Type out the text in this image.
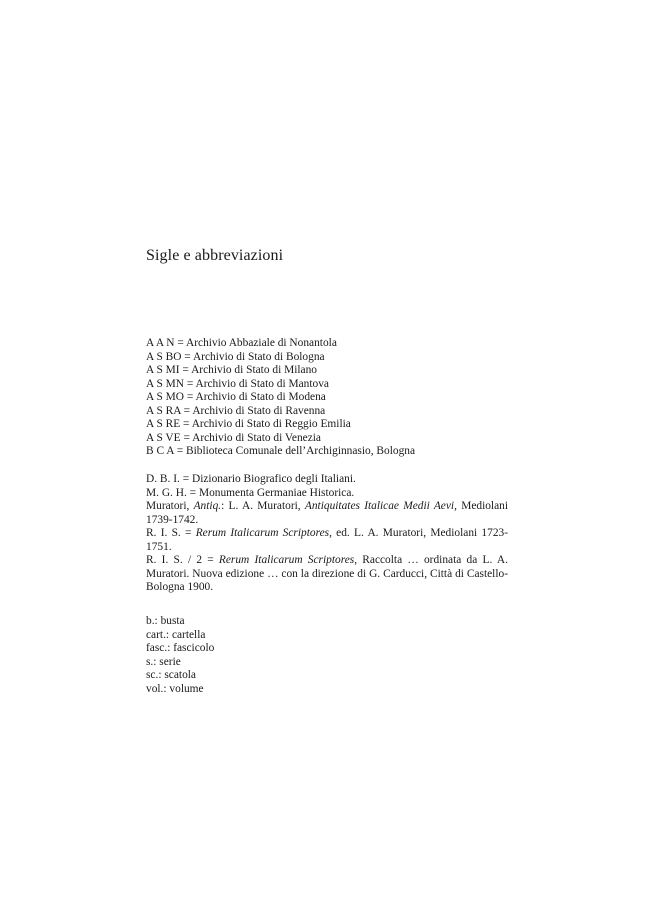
Sigle e abbreviazioni
A A N = Archivio Abbaziale di Nonantola
A S BO = Archivio di Stato di Bologna
A S MI = Archivio di Stato di Milano
A S MN = Archivio di Stato di Mantova
A S MO = Archivio di Stato di Modena
A S RA = Archivio di Stato di Ravenna
A S RE = Archivio di Stato di Reggio Emilia
A S VE = Archivio di Stato di Venezia
B C A = Biblioteca Comunale dell’Archiginnasio, Bologna
D. B. I. = Dizionario Biografico degli Italiani.
M. G. H. = Monumenta Germaniae Historica.
Muratori, Antiq.: L. A. Muratori, Antiquitates Italicae Medii Aevi, Mediolani 1739-1742.
R. I. S. = Rerum Italicarum Scriptores, ed. L. A. Muratori, Mediolani 1723-1751.
R. I. S. / 2 = Rerum Italicarum Scriptores, Raccolta … ordinata da L. A. Muratori. Nuova edizione … con la direzione di G. Carducci, Città di Castello-Bologna 1900.
b.: busta
cart.: cartella
fasc.: fascicolo
s.: serie
sc.: scatola
vol.: volume
